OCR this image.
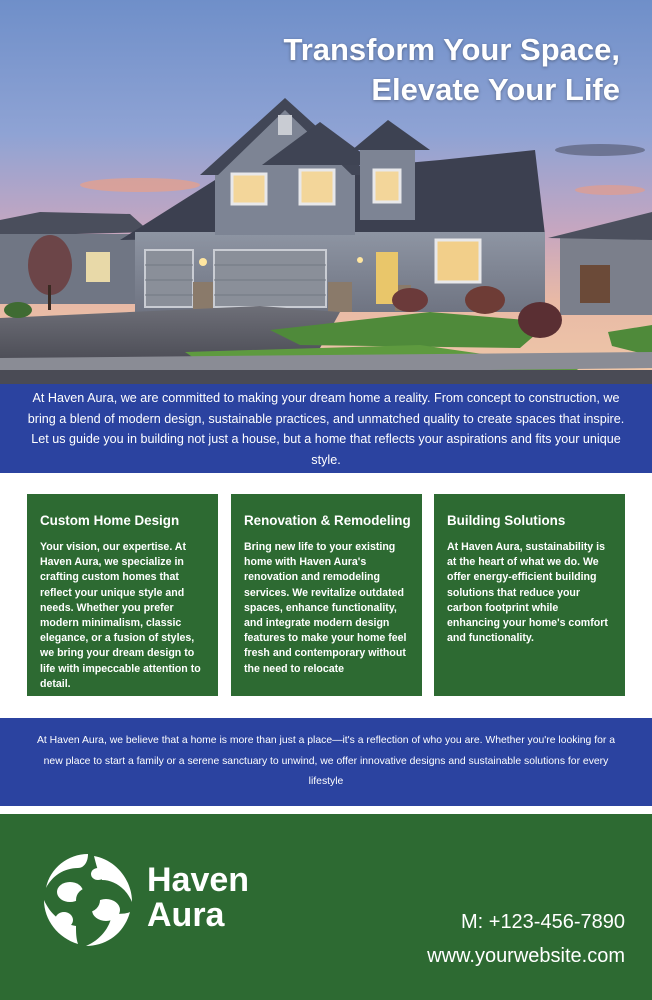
Transform Your Space,
Elevate Your Life

At Haven Aura, we are committed to making your dream home a reality. From concept to construction, we bring a blend of modern design, sustainable practices, and unmatched quality to create spaces that inspire. Let us guide you in building not just a house, but a home that reflects your aspirations and fits your unique style.

Custom Home Design

Your vision, our expertise. At Haven Aura, we specialize in crafting custom homes that reflect your unique style and needs. Whether you prefer modern minimalism, classic elegance, or a fusion of styles, we bring your dream design to life with impeccable attention to detail.

Renovation & Remodeling

Bring new life to your existing home with Haven Aura's renovation and remodeling services. We revitalize outdated spaces, enhance functionality, and integrate modern design features to make your home feel fresh and contemporary without the need to relocate

Building Solutions

At Haven Aura, sustainability is at the heart of what we do. We offer energy-efficient building solutions that reduce your carbon footprint while enhancing your home's comfort and functionality.

At Haven Aura, we believe that a home is more than just a place—it's a reflection of who you are. Whether you're looking for a new place to start a family or a serene sanctuary to unwind, we offer innovative designs and sustainable solutions for every lifestyle

Haven
Aura	M: +123-456-7890
www.yourwebsite.com
